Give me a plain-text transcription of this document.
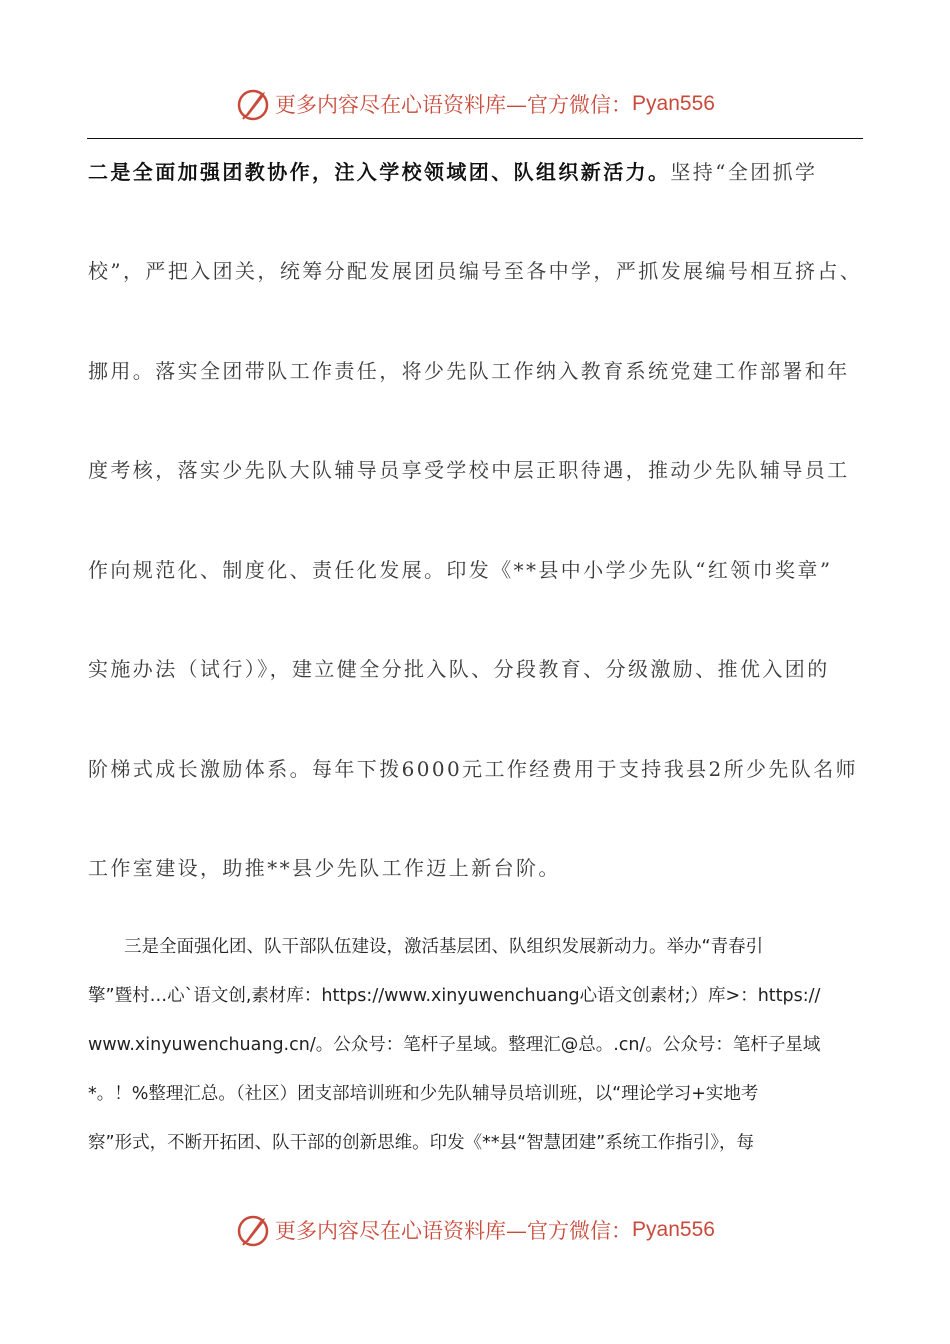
更多内容尽在心语资料库—官方微信： Pyan556
二是全面加强团教协作，注入学校领域团、队组织新活力。坚持“全团抓学
校”，严把入团关，统筹分配发展团员编号至各中学，严抓发展编号相互挤占、
挪用。落实全团带队工作责任，将少先队工作纳入教育系统党建工作部署和年
度考核，落实少先队大队辅导员享受学校中层正职待遇，推动少先队辅导员工
作向规范化、制度化、责任化发展。印发《**县中小学少先队“红领巾奖章”
实施办法（试行）》，建立健全分批入队、分段教育、分级激励、推优入团的
阶梯式成长激励体系。每年下拨6000元工作经费用于支持我县2所少先队名师
工作室建设，助推**县少先队工作迈上新台阶。
三是全面强化团、队干部队伍建设，激活基层团、队组织发展新动力。举办“青春引
擎”暨村…心`语文创,素材库：https://www.xinyuwenchuang心语文创素材;）库>：https://
www.xinyuwenchuang.cn/。公众号：笔杆子星域。整理汇@总。.cn/。公众号：笔杆子星域
*。！%整理汇总。（社区）团支部培训班和少先队辅导员培训班，以“理论学习+实地考
察”形式，不断开拓团、队干部的创新思维。印发《**县“智慧团建”系统工作指引》，每
更多内容尽在心语资料库—官方微信： Pyan556
